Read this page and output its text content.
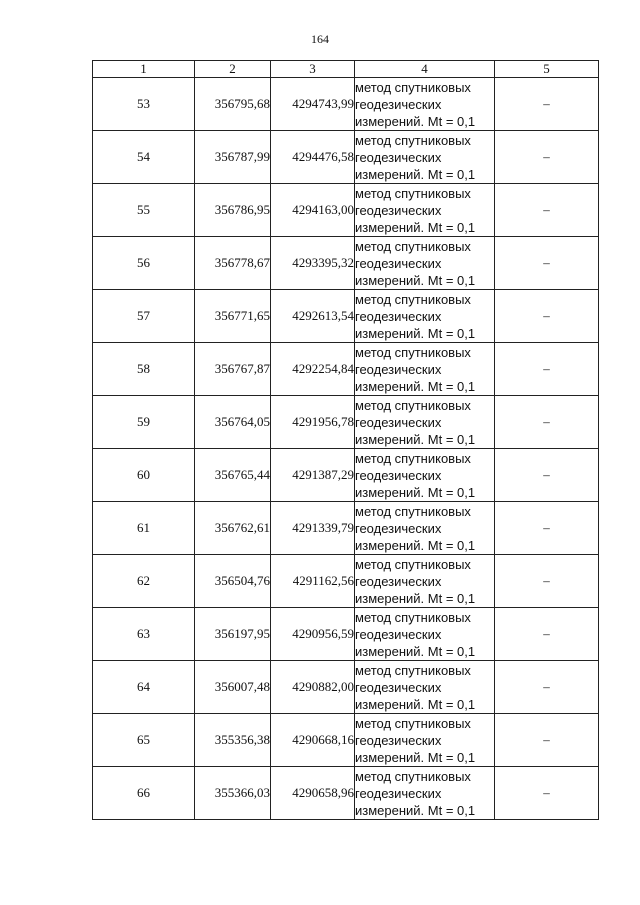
164
1	2	3	4	5
53	356795,68	4294743,99	метод спутниковых
геодезических
измерений. Mt = 0,1	–
54	356787,99	4294476,58	метод спутниковых
геодезических
измерений. Mt = 0,1	–
55	356786,95	4294163,00	метод спутниковых
геодезических
измерений. Mt = 0,1	–
56	356778,67	4293395,32	метод спутниковых
геодезических
измерений. Mt = 0,1	–
57	356771,65	4292613,54	метод спутниковых
геодезических
измерений. Mt = 0,1	–
58	356767,87	4292254,84	метод спутниковых
геодезических
измерений. Mt = 0,1	–
59	356764,05	4291956,78	метод спутниковых
геодезических
измерений. Mt = 0,1	–
60	356765,44	4291387,29	метод спутниковых
геодезических
измерений. Mt = 0,1	–
61	356762,61	4291339,79	метод спутниковых
геодезических
измерений. Mt = 0,1	–
62	356504,76	4291162,56	метод спутниковых
геодезических
измерений. Mt = 0,1	–
63	356197,95	4290956,59	метод спутниковых
геодезических
измерений. Mt = 0,1	–
64	356007,48	4290882,00	метод спутниковых
геодезических
измерений. Mt = 0,1	–
65	355356,38	4290668,16	метод спутниковых
геодезических
измерений. Mt = 0,1	–
66	355366,03	4290658,96	метод спутниковых
геодезических
измерений. Mt = 0,1	–
